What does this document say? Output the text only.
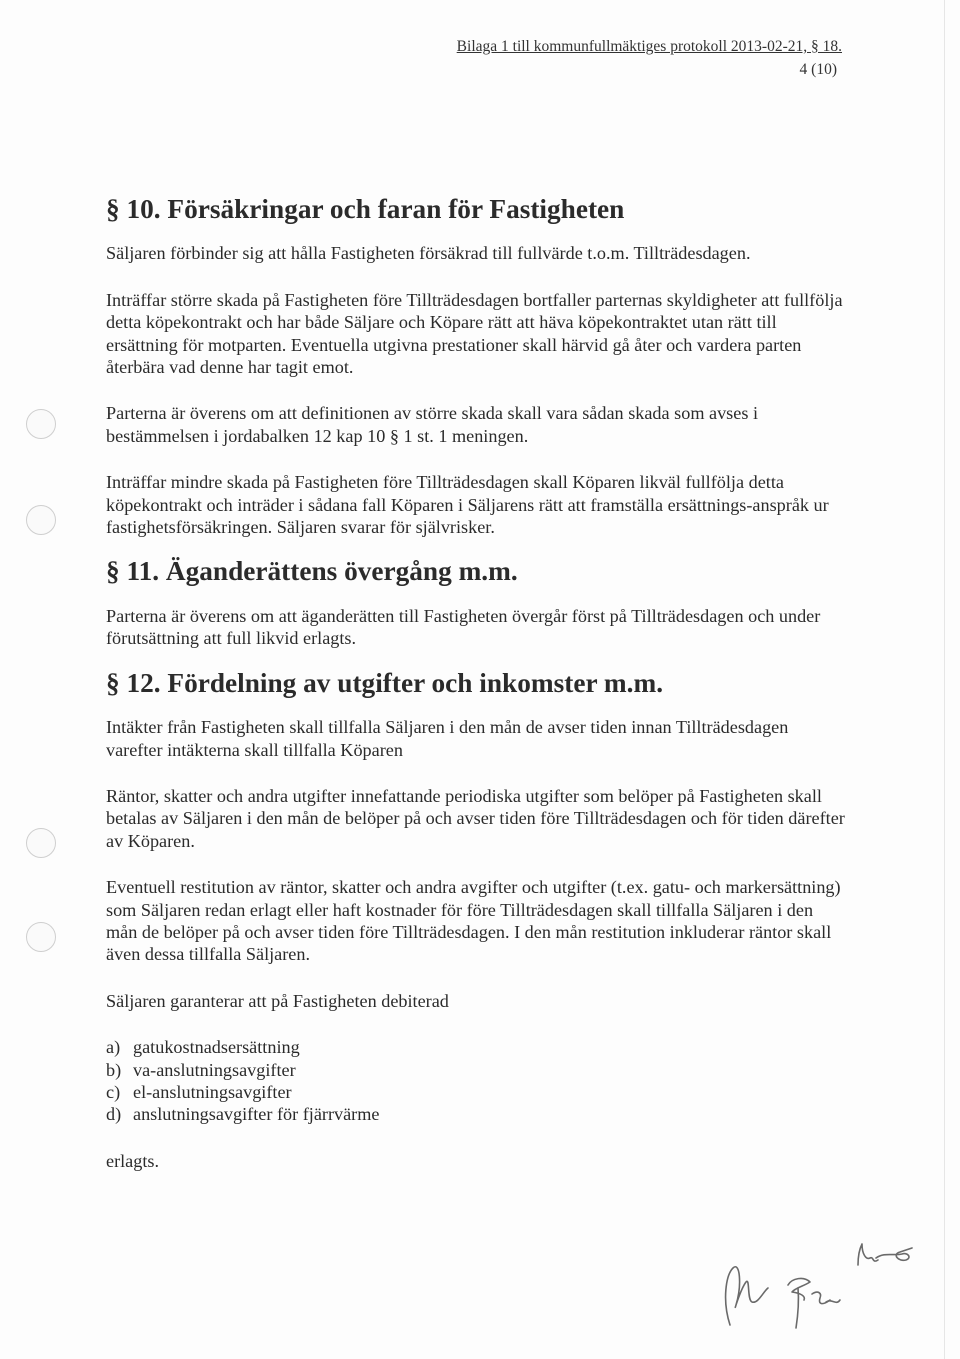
Bilaga 1 till kommunfullmäktiges protokoll 2013-02-21, § 18.
4 (10)
§ 10. Försäkringar och faran för Fastigheten

Säljaren förbinder sig att hålla Fastigheten försäkrad till fullvärde t.o.m. Tillträdesdagen.

Inträffar större skada på Fastigheten före Tillträdesdagen bortfaller parternas skyldigheter att fullfölja detta köpekontrakt och har både Säljare och Köpare rätt att häva köpekontraktet utan rätt till ersättning för motparten. Eventuella utgivna prestationer skall härvid gå åter och vardera parten återbära vad denne har tagit emot.

Parterna är överens om att definitionen av större skada skall vara sådan skada som avses i bestämmelsen i jordabalken 12 kap 10 § 1 st. 1 meningen.

Inträffar mindre skada på Fastigheten före Tillträdesdagen skall Köparen likväl fullfölja detta köpekontrakt och inträder i sådana fall Köparen i Säljarens rätt att framställa ersättnings-anspråk ur fastighetsförsäkringen. Säljaren svarar för självrisker.

§ 11. Äganderättens övergång m.m.

Parterna är överens om att äganderätten till Fastigheten övergår först på Tillträdesdagen och under förutsättning att full likvid erlagts.

§ 12. Fördelning av utgifter och inkomster m.m.

Intäkter från Fastigheten skall tillfalla Säljaren i den mån de avser tiden innan Tillträdesdagen varefter intäkterna skall tillfalla Köparen

Räntor, skatter och andra utgifter innefattande periodiska utgifter som belöper på Fastigheten skall betalas av Säljaren i den mån de belöper på och avser tiden före Tillträdesdagen och för tiden därefter av Köparen.

Eventuell restitution av räntor, skatter och andra avgifter och utgifter (t.ex. gatu- och markersättning) som Säljaren redan erlagt eller haft kostnader för före Tillträdesdagen skall tillfalla Säljaren i den mån de belöper på och avser tiden före Tillträdesdagen. I den mån restitution inkluderar räntor skall även dessa tillfalla Säljaren.

Säljaren garanterar att på Fastigheten debiterad

a) gatukostnadsersättning
b) va-anslutningsavgifter
c) el-anslutningsavgifter
d) anslutningsavgifter för fjärrvärme

erlagts.
